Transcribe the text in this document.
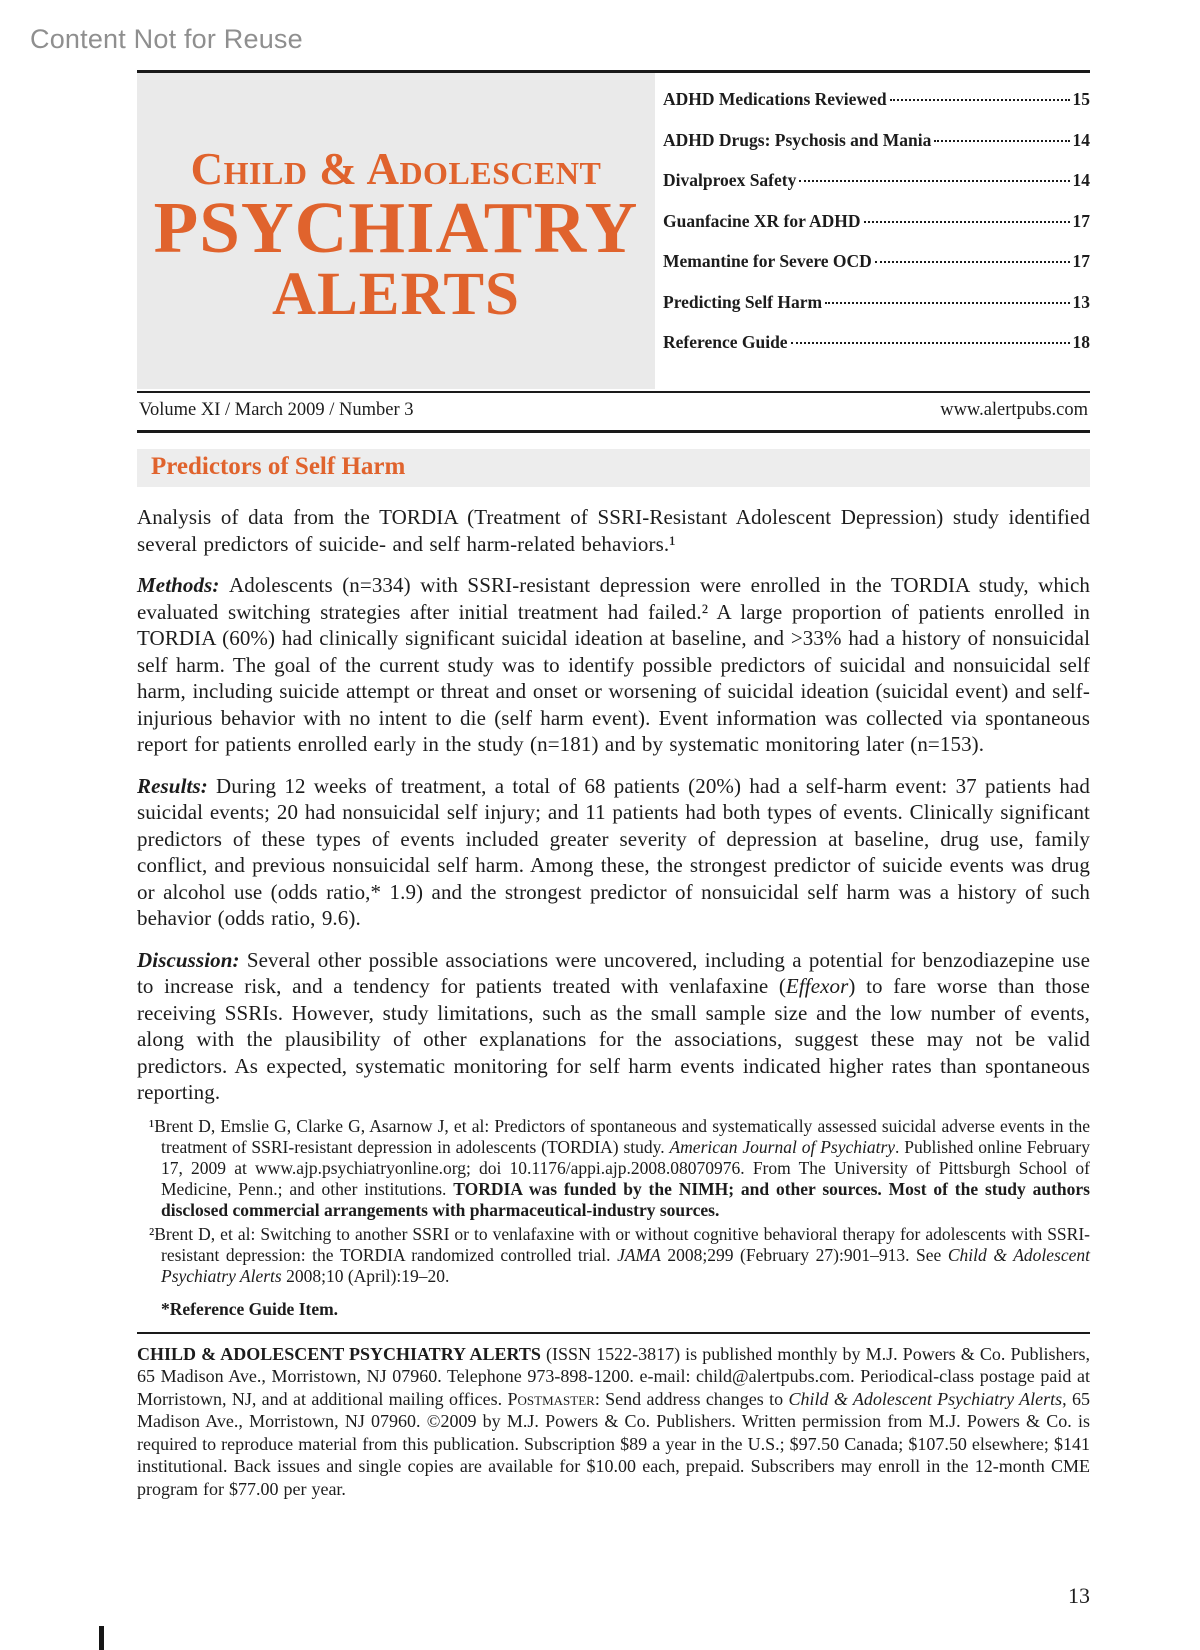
Content Not for Reuse
Child & Adolescent
PSYCHIATRY
ALERTS
ADHD Medications Reviewed	15
ADHD Drugs: Psychosis and Mania	14
Divalproex Safety	14
Guanfacine XR for ADHD	17
Memantine for Severe OCD	17
Predicting Self Harm	13
Reference Guide	18
Volume XI / March 2009 / Number 3	www.alertpubs.com
Predictors of Self Harm

Analysis of data from the TORDIA (Treatment of SSRI-Resistant Adolescent Depression) study identified several predictors of suicide- and self harm-related behaviors.¹

Methods: Adolescents (n=334) with SSRI-resistant depression were enrolled in the TORDIA study, which evaluated switching strategies after initial treatment had failed.² A large proportion of patients enrolled in TORDIA (60%) had clinically significant suicidal ideation at baseline, and >33% had a history of nonsuicidal self harm. The goal of the current study was to identify possible predictors of suicidal and nonsuicidal self harm, including suicide attempt or threat and onset or worsening of suicidal ideation (suicidal event) and self-injurious behavior with no intent to die (self harm event). Event information was collected via spontaneous report for patients enrolled early in the study (n=181) and by systematic monitoring later (n=153).

Results: During 12 weeks of treatment, a total of 68 patients (20%) had a self-harm event: 37 patients had suicidal events; 20 had nonsuicidal self injury; and 11 patients had both types of events. Clinically significant predictors of these types of events included greater severity of depression at baseline, drug use, family conflict, and previous nonsuicidal self harm. Among these, the strongest predictor of suicide events was drug or alcohol use (odds ratio,* 1.9) and the strongest predictor of nonsuicidal self harm was a history of such behavior (odds ratio, 9.6).

Discussion: Several other possible associations were uncovered, including a potential for benzodiazepine use to increase risk, and a tendency for patients treated with venlafaxine (Effexor) to fare worse than those receiving SSRIs. However, study limitations, such as the small sample size and the low number of events, along with the plausibility of other explanations for the associations, suggest these may not be valid predictors. As expected, systematic monitoring for self harm events indicated higher rates than spontaneous reporting.

¹Brent D, Emslie G, Clarke G, Asarnow J, et al: Predictors of spontaneous and systematically assessed suicidal adverse events in the treatment of SSRI-resistant depression in adolescents (TORDIA) study. American Journal of Psychiatry. Published online February 17, 2009 at www.ajp.psychiatryonline.org; doi 10.1176/appi.ajp.2008.08070976. From The University of Pittsburgh School of Medicine, Penn.; and other institutions. TORDIA was funded by the NIMH; and other sources. Most of the study authors disclosed commercial arrangements with pharmaceutical-industry sources.

²Brent D, et al: Switching to another SSRI or to venlafaxine with or without cognitive behavioral therapy for adolescents with SSRI-resistant depression: the TORDIA randomized controlled trial. JAMA 2008;299 (February 27):901–913. See Child & Adolescent Psychiatry Alerts 2008;10 (April):19–20.

*Reference Guide Item.

CHILD & ADOLESCENT PSYCHIATRY ALERTS (ISSN 1522-3817) is published monthly by M.J. Powers & Co. Publishers, 65 Madison Ave., Morristown, NJ 07960. Telephone 973-898-1200. e-mail: child@alertpubs.com. Periodical-class postage paid at Morristown, NJ, and at additional mailing offices. Postmaster: Send address changes to Child & Adolescent Psychiatry Alerts, 65 Madison Ave., Morristown, NJ 07960. ©2009 by M.J. Powers & Co. Publishers. Written permission from M.J. Powers & Co. is required to reproduce material from this publication. Subscription $89 a year in the U.S.; $97.50 Canada; $107.50 elsewhere; $141 institutional. Back issues and single copies are available for $10.00 each, prepaid. Subscribers may enroll in the 12-month CME program for $77.00 per year.

13
